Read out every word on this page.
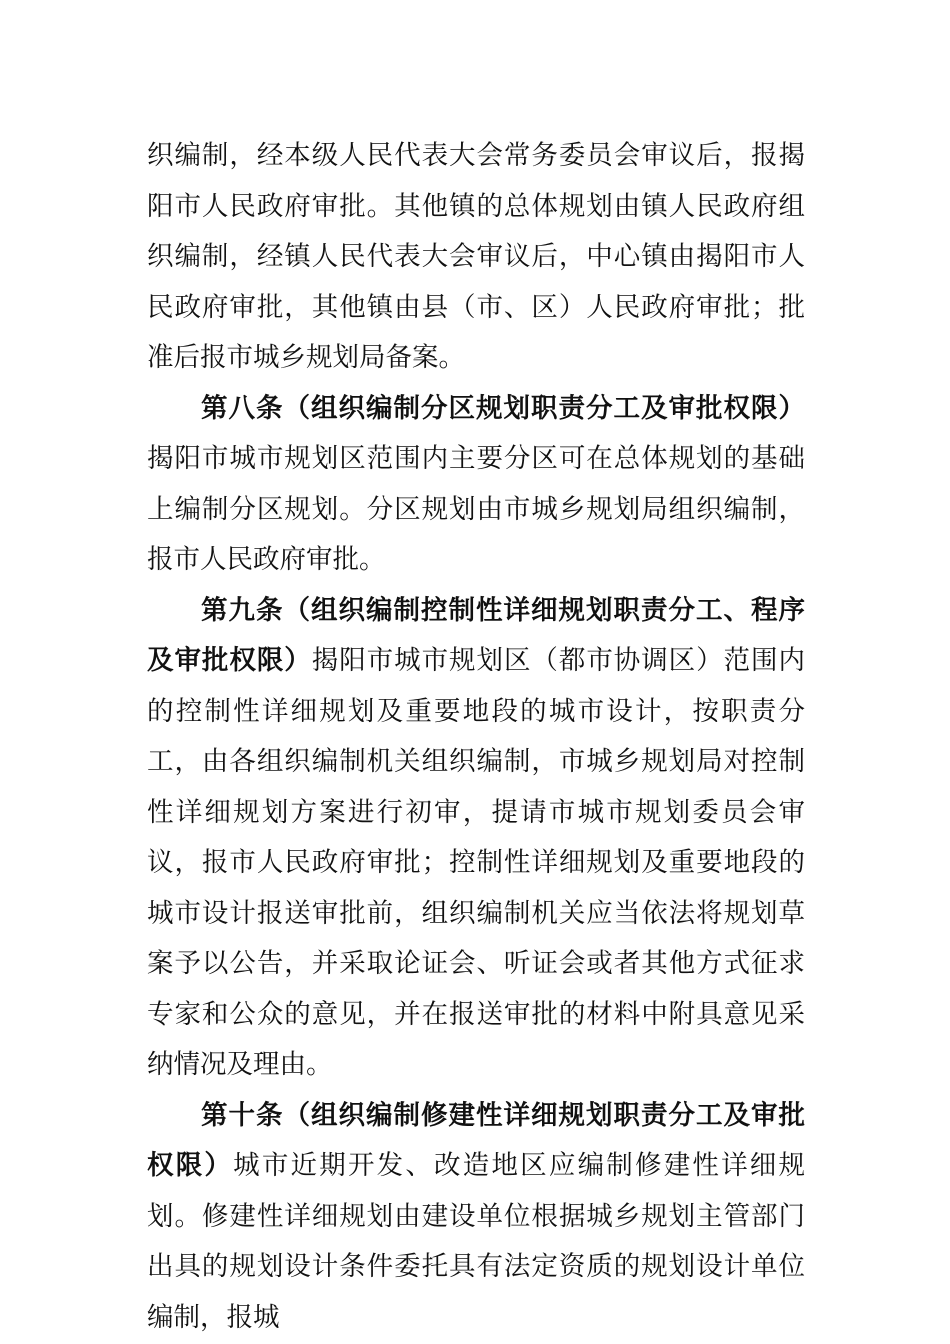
织编制，经本级人民代表大会常务委员会审议后，报揭阳市人民政府审批。其他镇的总体规划由镇人民政府组织编制，经镇人民代表大会审议后，中心镇由揭阳市人民政府审批，其他镇由县（市、区）人民政府审批；批准后报市城乡规划局备案。

第八条（组织编制分区规划职责分工及审批权限）揭阳市城市规划区范围内主要分区可在总体规划的基础上编制分区规划。分区规划由市城乡规划局组织编制，报市人民政府审批。

第九条（组织编制控制性详细规划职责分工、程序及审批权限）揭阳市城市规划区（都市协调区）范围内的控制性详细规划及重要地段的城市设计，按职责分工，由各组织编制机关组织编制，市城乡规划局对控制性详细规划方案进行初审，提请市城市规划委员会审议，报市人民政府审批；控制性详细规划及重要地段的城市设计报送审批前，组织编制机关应当依法将规划草案予以公告，并采取论证会、听证会或者其他方式征求专家和公众的意见，并在报送审批的材料中附具意见采纳情况及理由。

第十条（组织编制修建性详细规划职责分工及审批权限）城市近期开发、改造地区应编制修建性详细规划。修建性详细规划由建设单位根据城乡规划主管部门出具的规划设计条件委托具有法定资质的规划设计单位编制，报城
